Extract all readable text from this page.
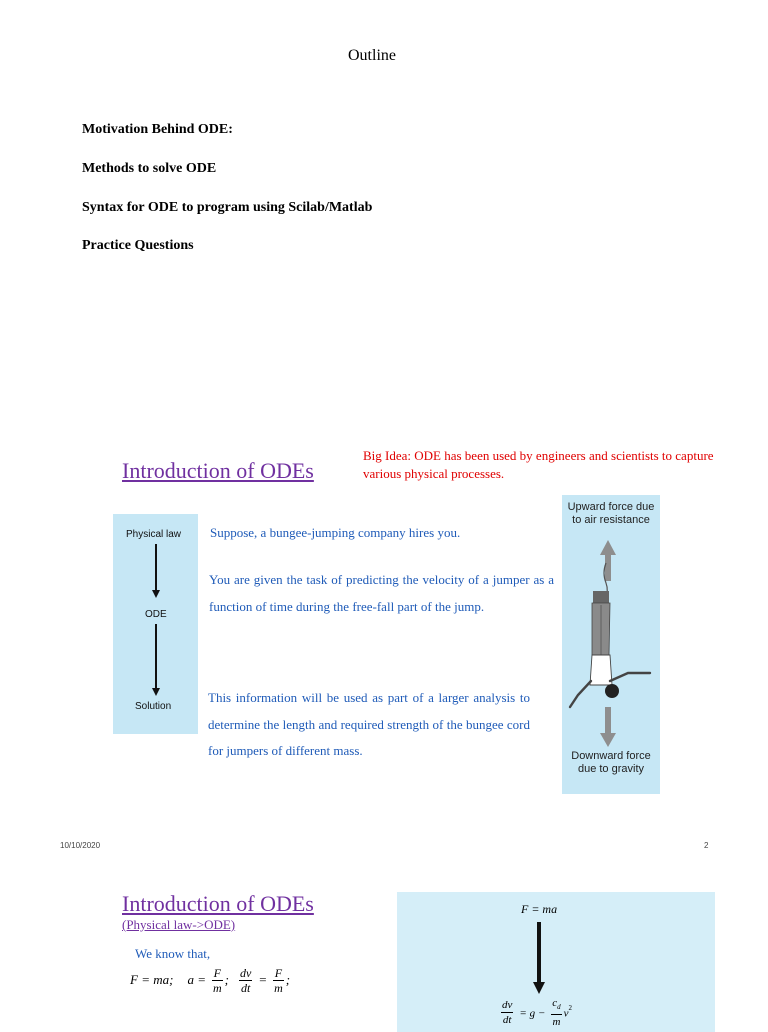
Outline
Motivation Behind ODE:
Methods to solve ODE
Syntax for ODE to program using Scilab/Matlab
Practice Questions
Introduction of ODEs
Big Idea: ODE has been used by engineers and scientists to capture various physical processes.
Physical law
ODE
Solution
Suppose, a bungee-jumping company hires you.
You are given the task of predicting the velocity of a jumper as a function of time during the free-fall part of the jump.
This information will be used as part of a larger analysis to determine the length and required strength of the bungee cord for jumpers of different mass.
Upward force due to air resistance
Downward force due to gravity
10/10/2020	2
Introduction of ODEs
(Physical law->ODE)
We know that,
F = ma; $a = \frac{F}{m}$ ; $\frac{dv}{dt} = \frac{F}{m}$ ;
F = ma
$\frac{dv}{dt} = g - \frac{c_d}{m} v^2$
